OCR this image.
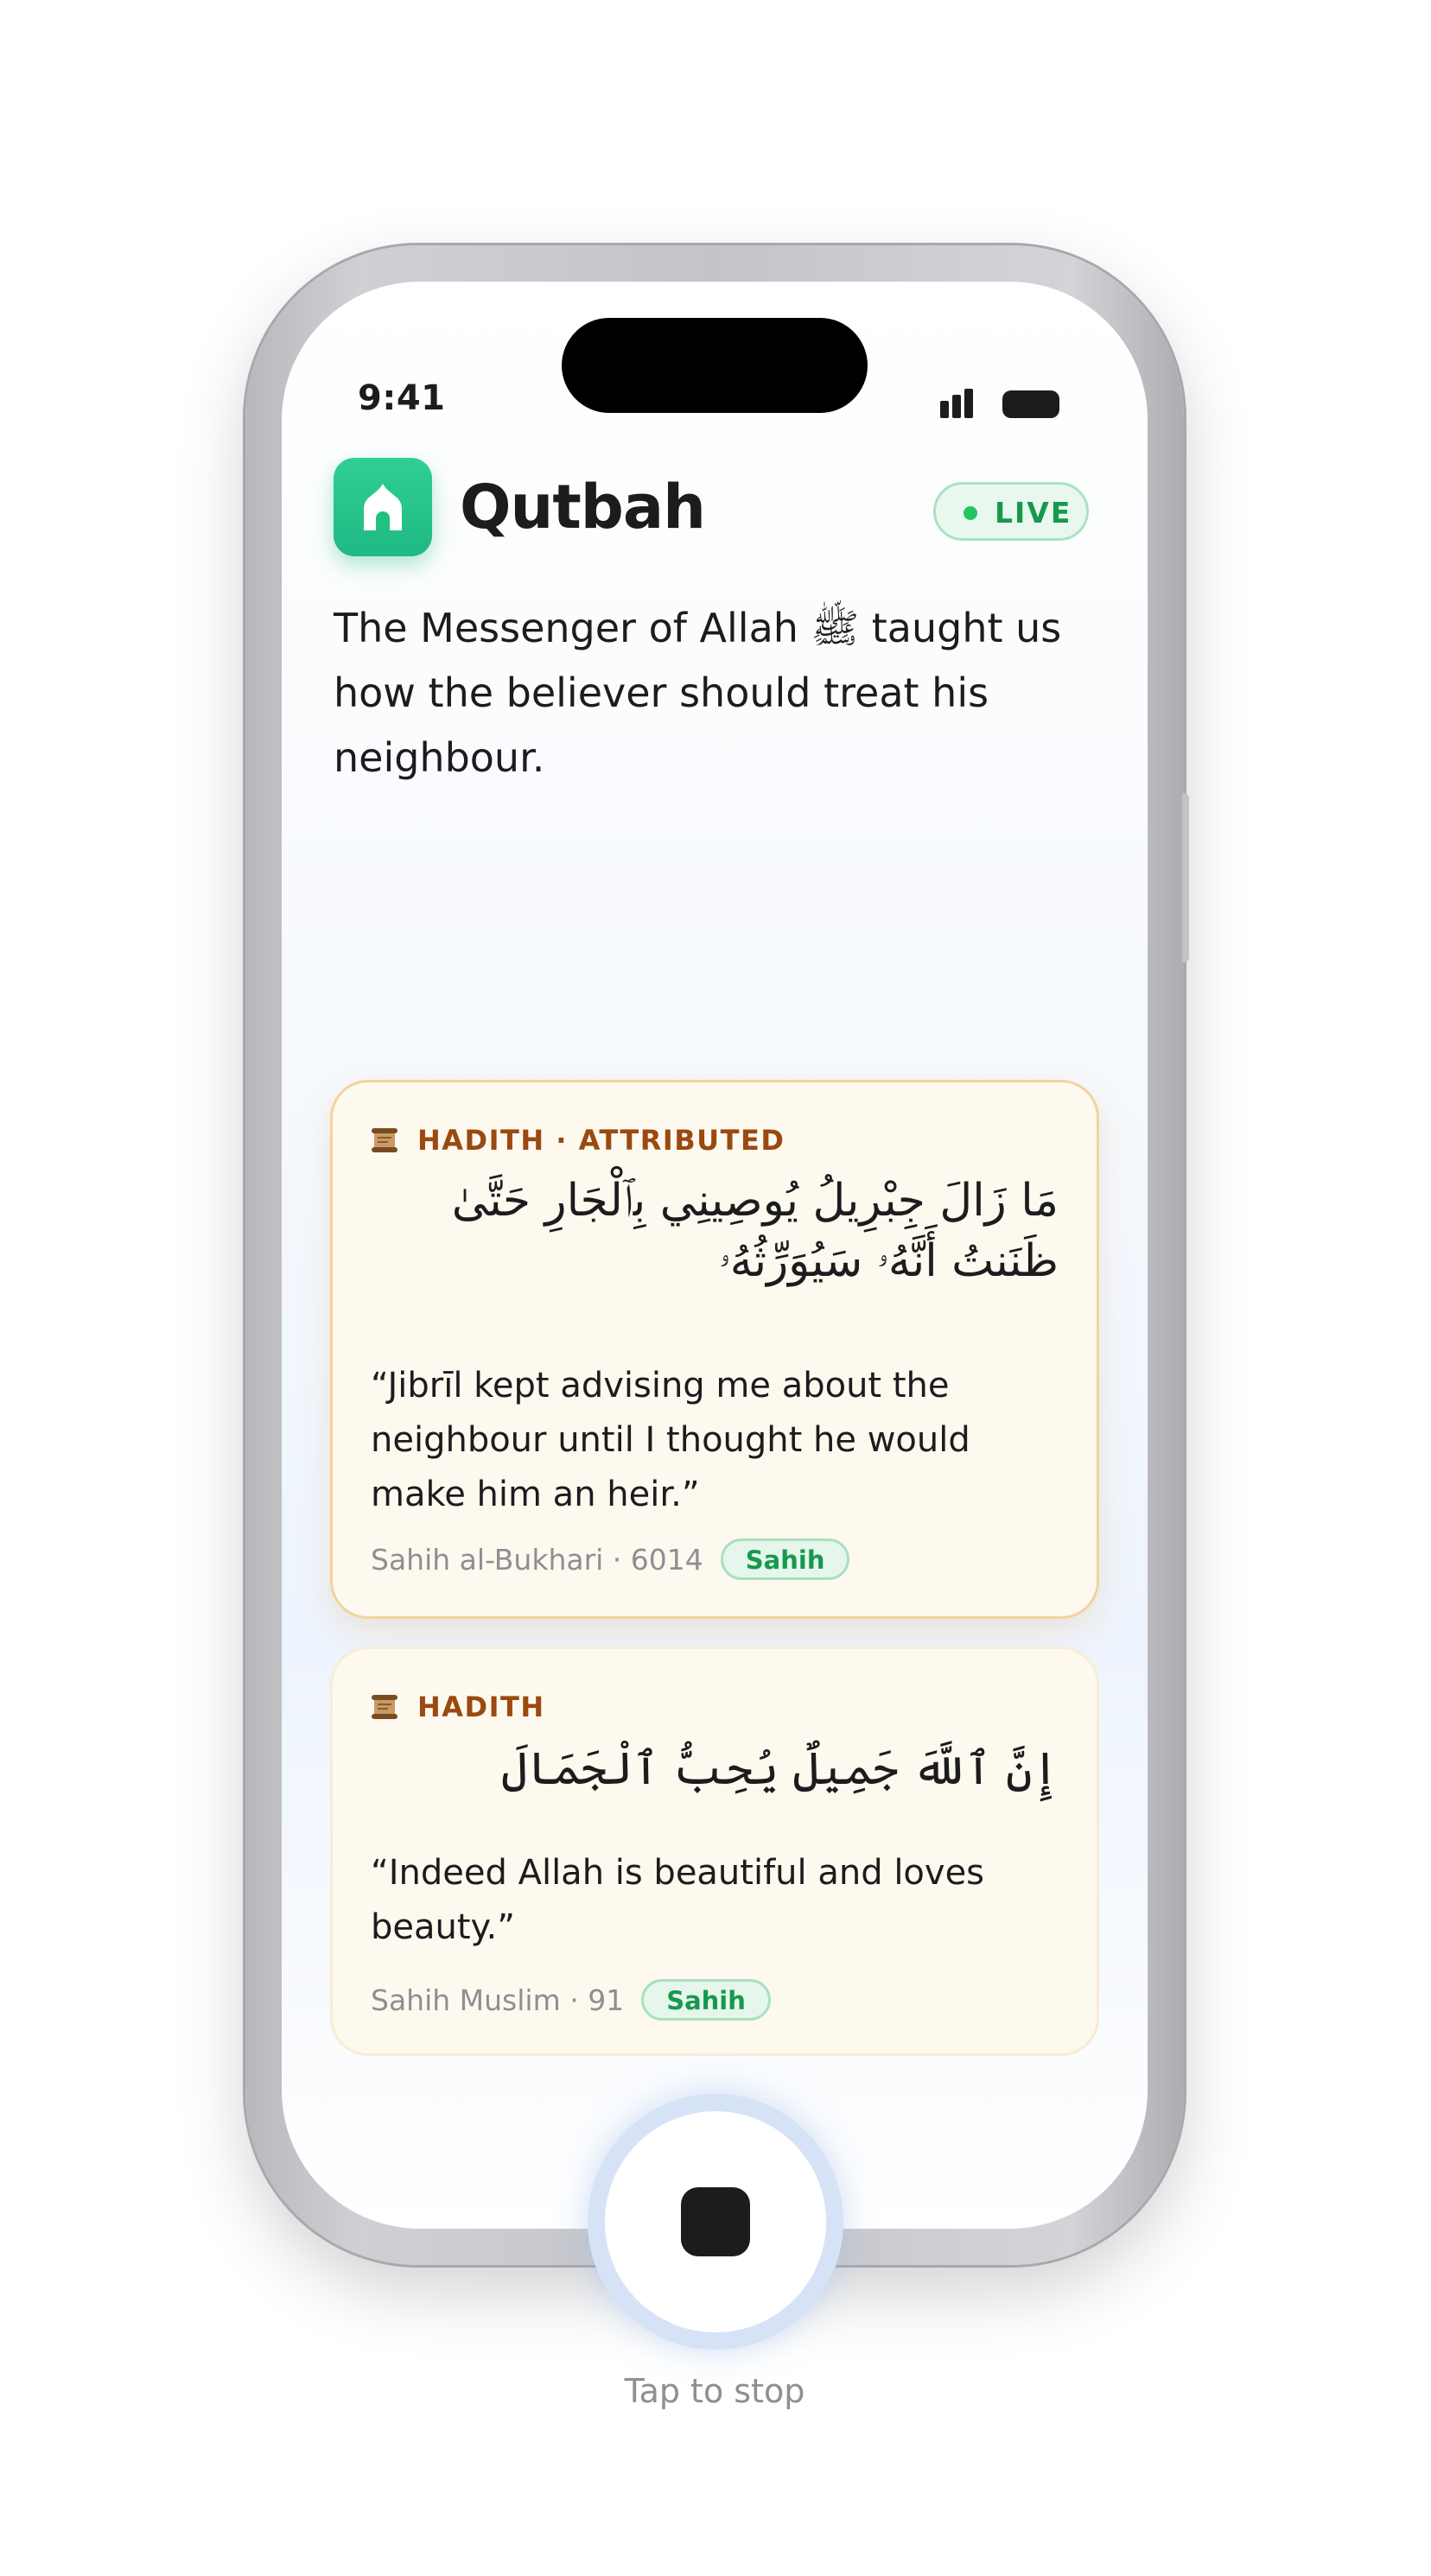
9:41
Qutbah	LIVE
The Messenger of Allah ﷺ taught us how the believer should treat his neighbour.
HADITH · ATTRIBUTED
مَا زَالَ جِبْرِيلُ يُوصِينِي بِٱلْجَارِ حَتَّىٰ ظَنَنتُ أَنَّهُۥ سَيُوَرِّثُهُۥ
“Jibrīl kept advising me about the neighbour until I thought he would make him an heir.”
Sahih al-Bukhari · 6014	Sahih
HADITH
إِنَّ ٱللَّهَ جَمِيلٌ يُحِبُّ ٱلْجَمَالَ
“Indeed Allah is beautiful and loves beauty.”
Sahih Muslim · 91	Sahih
Tap to stop
